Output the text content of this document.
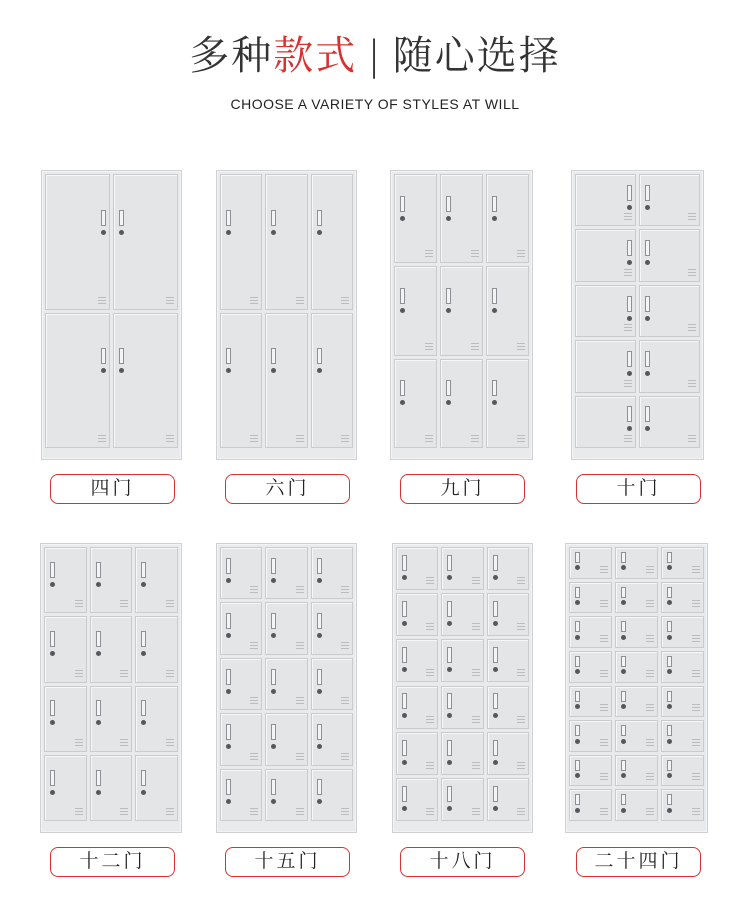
多种款式 | 随心选择
CHOOSE A VARIETY OF STYLES AT WILL
四门	六门	九门	十门
十二门	十五门	十八门	二十四门
